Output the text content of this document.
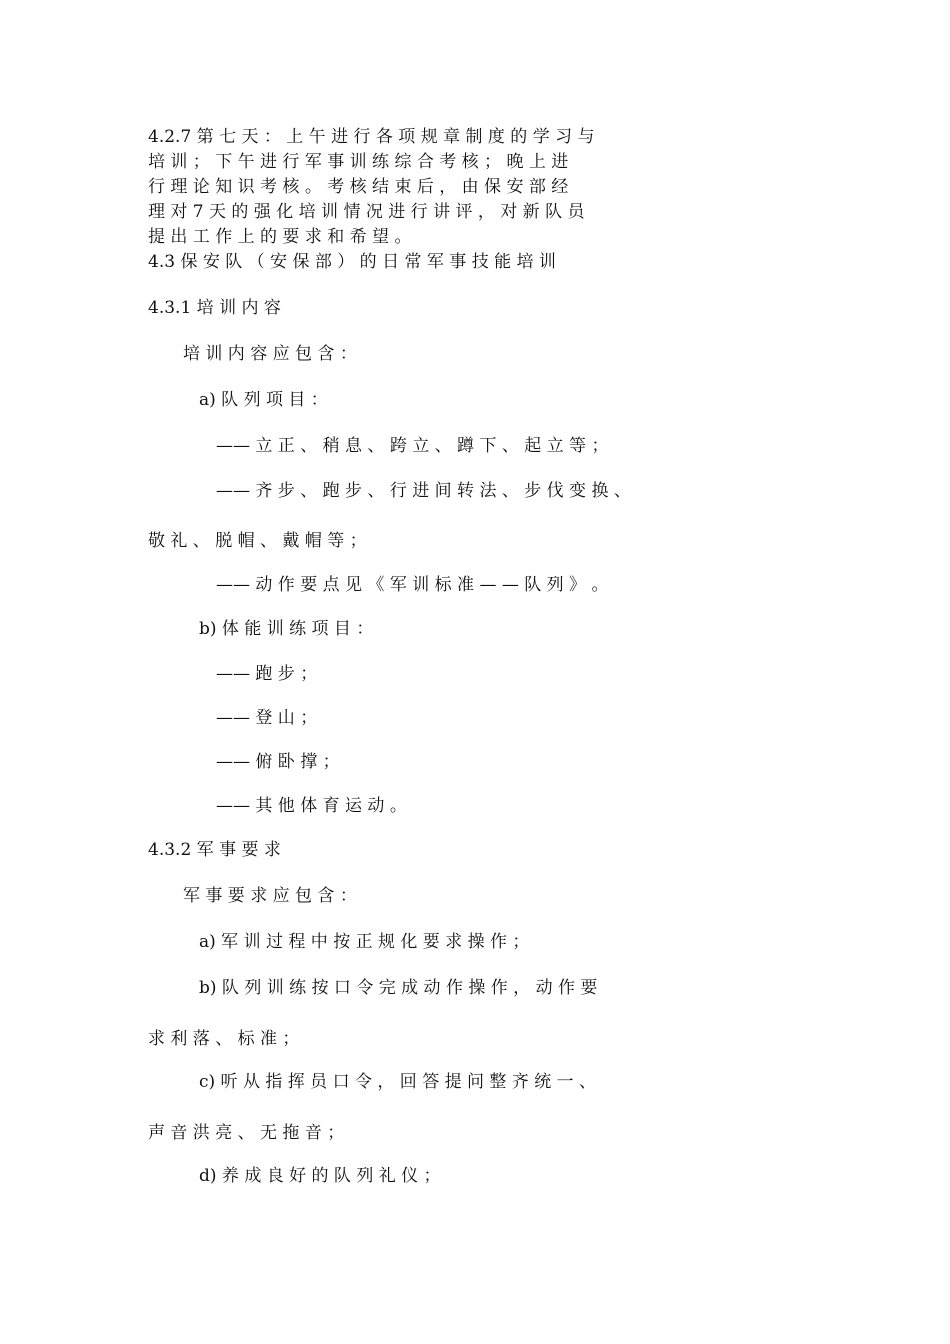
4.2.7 第 七 天 ： 上 午 进 行 各 项 规 章 制 度 的 学 习 与

培 训 ； 下 午 进 行 军 事 训 练 综 合 考 核 ； 晚 上 进

行 理 论 知 识 考 核 。 考 核 结 束 后 ， 由 保 安 部 经

理 对 7 天 的 强 化 培 训 情 况 进 行 讲 评 ， 对 新 队 员

提 出 工 作 上 的 要 求 和 希 望 。

4.3 保 安 队 （ 安 保 部 ） 的 日 常 军 事 技 能 培 训

4.3.1 培 训 内 容

培 训 内 容 应 包 含 ：

a) 队 列 项 目 ：

—— 立 正 、 稍 息 、 跨 立 、 蹲 下 、 起 立 等 ；

—— 齐 步 、 跑 步 、 行 进 间 转 法 、 步 伐 变 换 、

敬 礼 、 脱 帽 、 戴 帽 等 ；

—— 动 作 要 点 见 《 军 训 标 准 — — 队 列 》 。

b) 体 能 训 练 项 目 ：

—— 跑 步 ；

—— 登 山 ；

—— 俯 卧 撑 ；

—— 其 他 体 育 运 动 。

4.3.2 军 事 要 求

军 事 要 求 应 包 含 ：

a) 军 训 过 程 中 按 正 规 化 要 求 操 作 ；

b) 队 列 训 练 按 口 令 完 成 动 作 操 作 ， 动 作 要

求 利 落 、 标 准 ；

c) 听 从 指 挥 员 口 令 ， 回 答 提 问 整 齐 统 一 、

声 音 洪 亮 、 无 拖 音 ；

d) 养 成 良 好 的 队 列 礼 仪 ；
